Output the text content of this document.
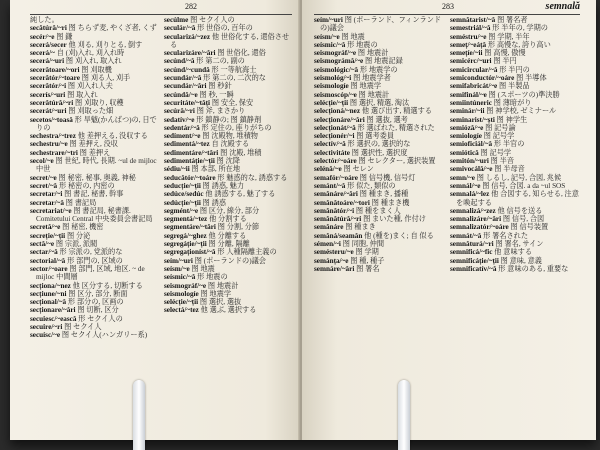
282

純した。

secătúră/~ri 图 ちらず麦, やくざ者, くず

secér/~e 图 鎌

secerá/secer 他 刈る, 刈りとる, 倒す

secerá/~ 自 (刈)入れ, 刈入れ時

secerá/~uri 图 刈入れ, 取入れ

secerătoare/~ori 图 刈取機

secerătór/~toare 图 刈る人, 刈手

secerătór/~i 图 刈入れ人夫

secerís/~uri 图 取入れ

secerătúră/~ri 图 刈取り, 収穫

secerát/~uri 图 刈取った畑

secetos/~toasă 形 旱魃(かんばつ)の, 日でりの

sechestra/~trez 他 差押える, 没収する

sechestru/~e 图 差押え, 没収

sechestrare/~tri 图 差押え

secol/~e 图 世紀, 時代, 長期. ~ul de mijloc 中世

secret/~e 图 秘密, 秘事, 奥義, 神秘

secret/~ă 形 秘密の, 内密の

secretar/~i 图 書記, 秘書, 幹事

secretar/~ă 图 書記局

secretariat/~e 图 書記局, 秘書課. Comitetului Central 中央委員会書記局

secretă/~e 图 秘密, 機密

secreție/~ții 图 分泌

sectă/~e 图 宗派, 派閥

sectar/~ă 形 宗派の, 党派的な

sectorial/~ă 形 部門の, 区域の

sector/~oare 图 部門, 区域, 地区. ~ de mijloc 中間層

secționa/~nez 他 区分する, 切断する

secțiune/~ni 图 区分, 部分, 断面

secțional/~ă 形 部分の, 区画の

secționare/~ări 图 切断, 区分

secuiesc/~ească 形 セクイ人の

secuire/~ri 图 セクイ人

secuísc/~e 图 セクイ人(ハンガリー系)

secúlme 图 セクイ人の

seculár/~ă 形 世俗の, 百年の

secularizá/~zez 他 世俗化する, 還俗させる

secularizáre/~ări 图 世俗化, 還俗

secúnd/~ă 形 第二の, 副の

secúnd/~cundă 形 一等航海士

secundár/~ă 形 第二の, 二次的な

secundár/~ări 图 秒針

secúndă/~e 图 秒, 一瞬

securitáte/~tăți 图 安全, 保安

secúră/~ri 图 斧, まさかり

sedatív/~e 形 鎮静の; 图 鎮静剤

sedentár/~ă 形 定住の, 座りがちの

sedíment/~e 图 沈殿物, 堆積物

sedimentá/~tez 自 沈殿する

sedimentáre/~tări 图 沈殿, 堆積

sedimentáție/~ții 图 沈降

sédiu/~ii 图 本部, 所在地

seducătór/~toáre 形 魅惑的な, 誘惑する

seducție/~ții 图 誘惑, 魅力

sedúce/sedúc 他 誘惑する, 魅了する

sedúcție/~ții 图 誘惑

segmént/~e 图 区分, 線分, 部分

segmentá/~tez 他 分割する

segmentáre/~tări 图 分割, 分節

segregá/~ghez 他 分離する

segregáție/~ții 图 分離, 隔離

segregaționíst/~ă 形 人種隔離主義の

seím/~uri 图 (ポーランドの)議会

seísm/~e 图 地震

seísmic/~ă 形 地震の

seismográf/~e 图 地震計

seismologíe 图 地震学

selécție/~ții 图 選択, 選抜

selectá/~tez 他 選ぶ, 選択する

283	semnală

seím/~uri 图 (ポーランド、フィンランドの)議会

seísm/~e 图 地震

seísmic/~ă 形 地震の

seismográf/~e 图 地震計

seismográmă/~e 图 地震記録

seismológic/~ă 形 地震学の

seismológ/~i 图 地震学者

seismologíe 图 地震学

seismoscóp/~e 图 地震計

selécție/~ții 图 選択, 精選, 淘汰

selecționá/~nez 他 選び出す, 精選する

selecționáre/~ări 图 選抜, 選考

selecționát/~ă 形 選ばれた, 精選された

selecționér/~i 图 選考委員

selectív/~ă 形 選択の, 選択的な

selectivitáte 图 選択性, 選択度

selectór/~oáre 图 セレクター, 選択装置

selénă/~e 图 セレン

semafór/~oáre 图 信号機, 信号灯

semánt/~ă 形 似た, 類似の

semănáre/~ări 图 種まき, 播種

semănătoáre/~tori 图 種まき機

semănătór/~i 图 種をまく人

semănătúră/~ri 图 まいた種, 作付け

semănáre 图 種まき

semăná/seamăn 他 (種を)まく; 自 似る

sémen/~i 图 同胞, 仲間

semésteru/~e 图 学期

semánța/~e 图 種, 種子

semnáre/~ări 图 署名

semnătarist/~ă 图 署名者

semestriál/~ă 形 半年の, 学期の

seméstru/~e 图 学期, 半年

semeț/~eáță 形 高慢な, 誇り高い

semețíe/~ii 图 高慢, 傲慢

semicérc/~uri 图 半円

semicircular/~ă 形 半円の

semiconductór/~oáre 图 半導体

semifabricát/~e 图 半製品

semifinál/~e 图 (スポーツの)準決勝

semiintúneric 图 薄暗がり

seminár/~ii 图 神学校, ゼミナール

seminarist/~ști 图 神学生

semióză/~e 图 記号論

semiologíe 图 記号学

semioficiál/~ă 形 半官の

semiótică 图 記号学

semitón/~uri 图 半音

semivocálă/~e 图 半母音

semn/~e 图 しるし, 記号, 合図, 兆候

semnál/~e 图 信号, 合図. a da ~ul SOS

semnalá/~lez 他 合図する, 知らせる, 注意を喚起する

semnalizá/~zez 他 信号を送る

semnalizáre/~ări 图 信号, 合図

semnalizatór/~oáre 图 信号装置

semnát/~ă 形 署名された

semnăturá/~ri 图 署名, サイン

semnificá/~fic 他 意味する

semnificáție/~ții 图 意味, 意義

semnificatív/~ă 形 意味のある, 重要な
